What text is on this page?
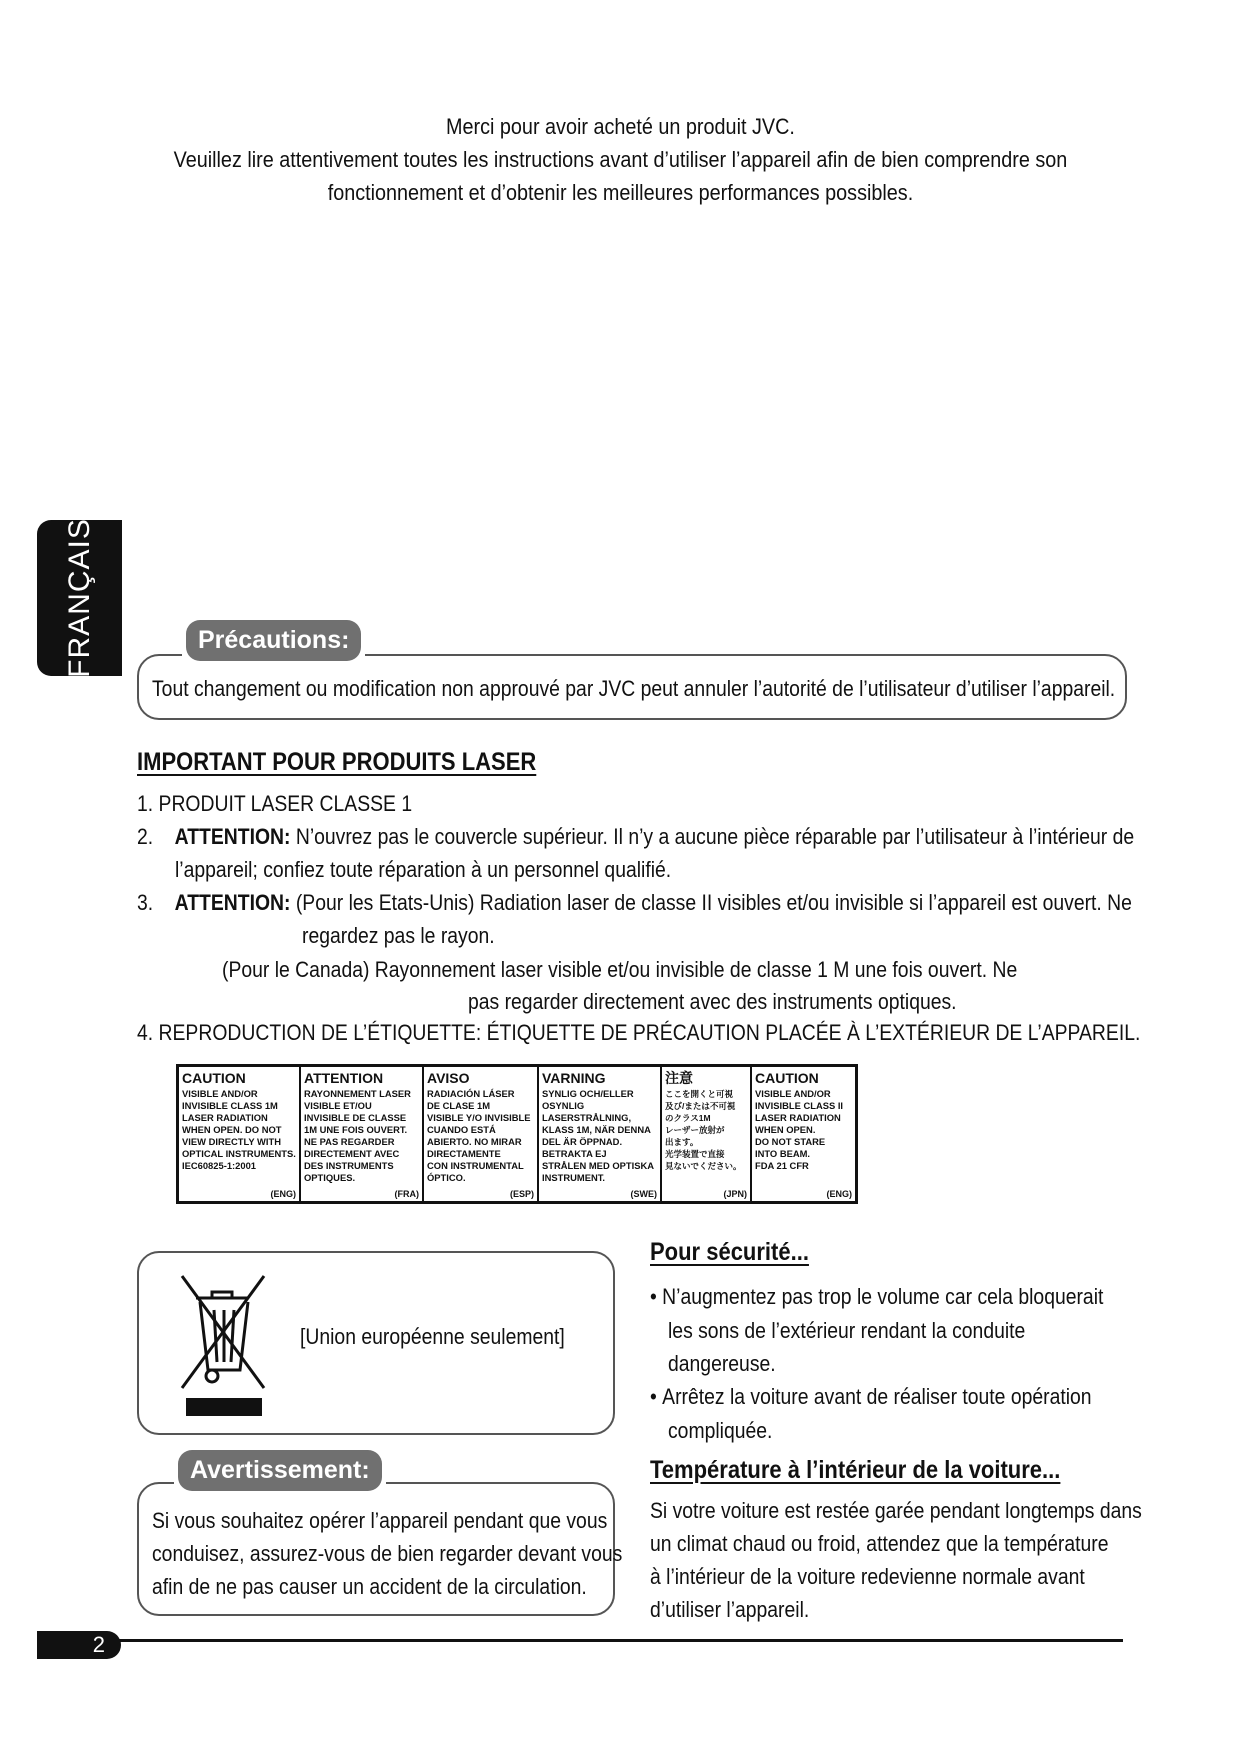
Merci pour avoir acheté un produit JVC.
Veuillez lire attentivement toutes les instructions avant d’utiliser l’appareil afin de bien comprendre son
fonctionnement et d’obtenir les meilleures performances possibles.
FRANÇAIS	Précautions:
Tout changement ou modification non approuvé par JVC peut annuler l’autorité de l’utilisateur d’utiliser l’appareil.
IMPORTANT POUR PRODUITS LASER
1. PRODUIT LASER CLASSE 1
2. ATTENTION: N’ouvrez pas le couvercle supérieur. Il n’y a aucune pièce réparable par l’utilisateur à l’intérieur de
l’appareil; confiez toute réparation à un personnel qualifié.
3. ATTENTION: (Pour les Etats-Unis) Radiation laser de classe II visibles et/ou invisible si l’appareil est ouvert. Ne
regardez pas le rayon.
(Pour le Canada) Rayonnement laser visible et/ou invisible de classe 1 M une fois ouvert. Ne
pas regarder directement avec des instruments optiques.
4. REPRODUCTION DE L’ÉTIQUETTE: ÉTIQUETTE DE PRÉCAUTION PLACÉE À L’EXTÉRIEUR DE L’APPAREIL.
CAUTION
VISIBLE AND/OR
INVISIBLE CLASS 1M
LASER RADIATION
WHEN OPEN. DO NOT
VIEW DIRECTLY WITH
OPTICAL INSTRUMENTS.
IEC60825-1:2001
(ENG)
ATTENTION
RAYONNEMENT LASER
VISIBLE ET/OU
INVISIBLE DE CLASSE
1M UNE FOIS OUVERT.
NE PAS REGARDER
DIRECTEMENT AVEC
DES INSTRUMENTS
OPTIQUES.
(FRA)
AVISO
RADIACIÓN LÁSER
DE CLASE 1M
VISIBLE Y/O INVISIBLE
CUANDO ESTÁ
ABIERTO. NO MIRAR
DIRECTAMENTE
CON INSTRUMENTAL
ÓPTICO.
(ESP)
VARNING
SYNLIG OCH/ELLER
OSYNLIG
LASERSTRÅLNING,
KLASS 1M, NÄR DENNA
DEL ÄR ÖPPNAD.
BETRAKTA EJ
STRÅLEN MED OPTISKA
INSTRUMENT.
(SWE)
注意
ここを開くと可視
及び/または不可視
のクラス1M
レーザー放射が
出ます。
光学装置で直接
見ないでください。
(JPN)
CAUTION
VISIBLE AND/OR
INVISIBLE CLASS II
LASER RADIATION
WHEN OPEN.
DO NOT STARE
INTO BEAM.
FDA 21 CFR
(ENG)
[Union européenne seulement]
Avertissement:
Si vous souhaitez opérer l’appareil pendant que vous
conduisez, assurez-vous de bien regarder devant vous
afin de ne pas causer un accident de la circulation.
Pour sécurité...
• N’augmentez pas trop le volume car cela bloquerait
les sons de l’extérieur rendant la conduite
dangereuse.
• Arrêtez la voiture avant de réaliser toute opération
compliquée.
Température à l’intérieur de la voiture...
Si votre voiture est restée garée pendant longtemps dans
un climat chaud ou froid, attendez que la température
à l’intérieur de la voiture redevienne normale avant
d’utiliser l’appareil.
2
